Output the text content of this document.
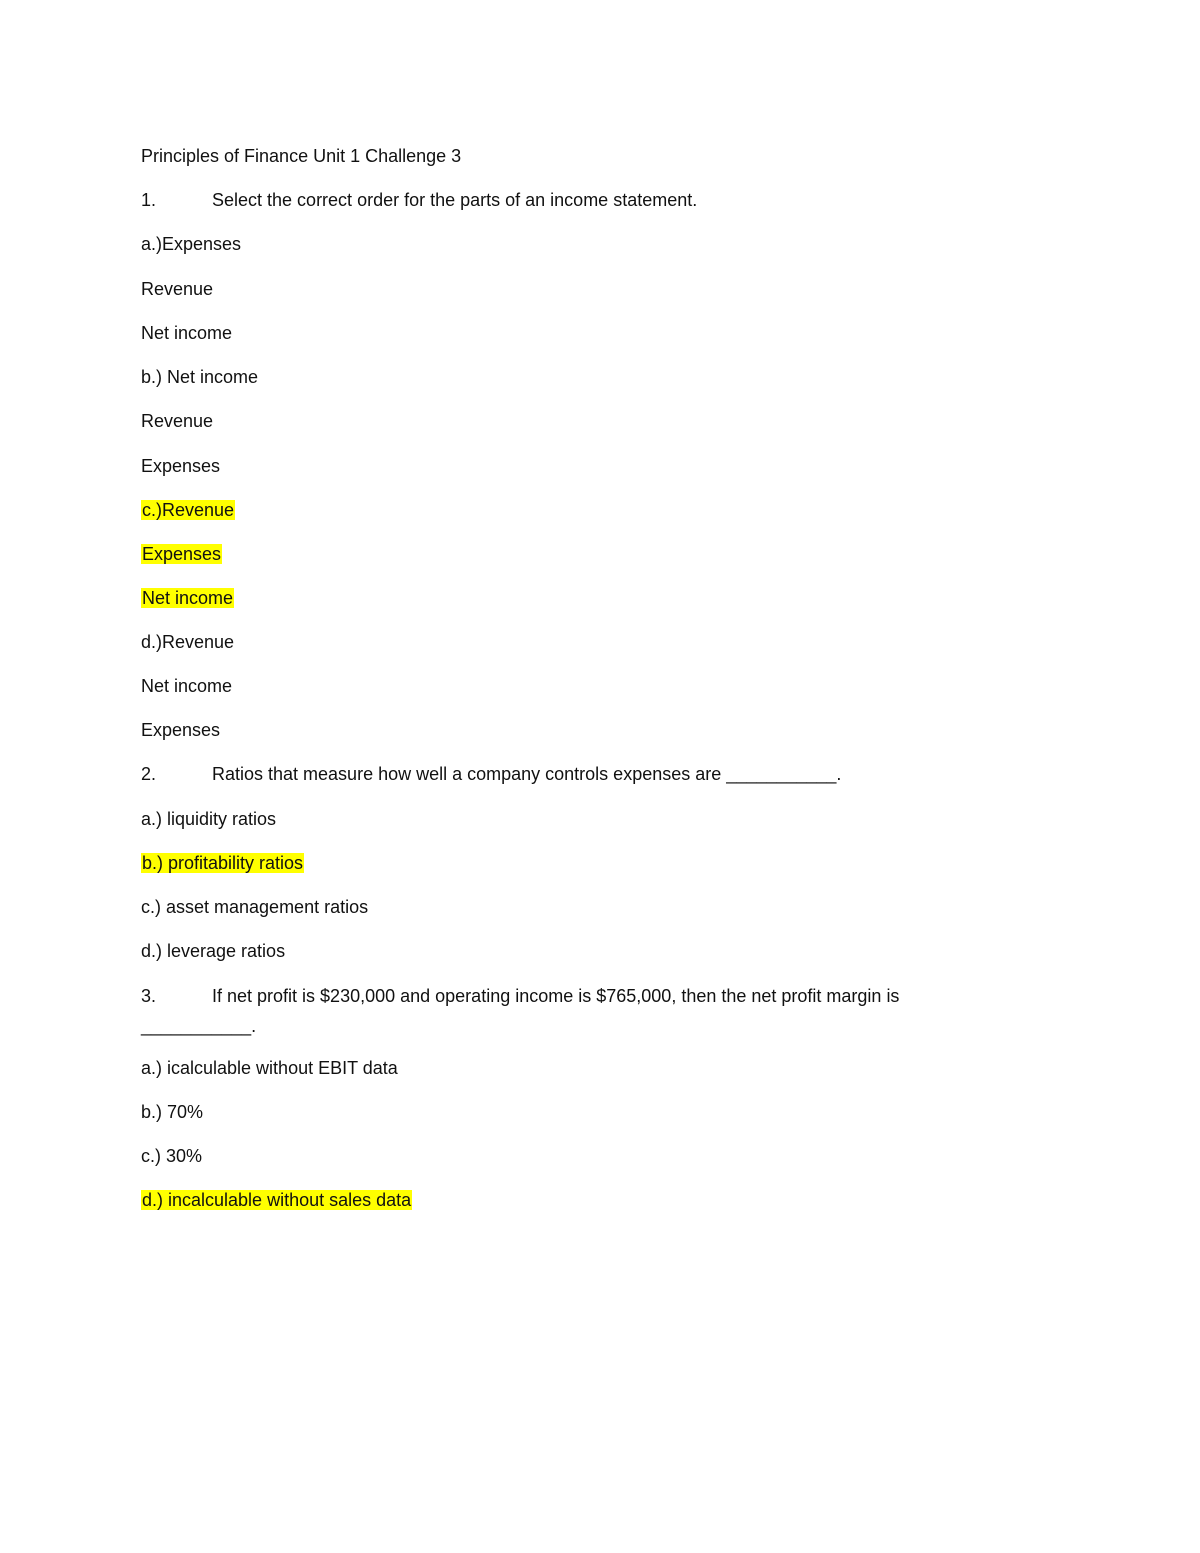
Principles of Finance Unit 1 Challenge 3
1.	Select the correct order for the parts of an income statement.
a.)Expenses
Revenue
Net income
b.) Net income
Revenue
Expenses
c.)Revenue
Expenses
Net income
d.)Revenue
Net income
Expenses
2.	Ratios that measure how well a company controls expenses are ___________.
a.) liquidity ratios
b.) profitability ratios
c.) asset management ratios
d.) leverage ratios
3.	If net profit is $230,000 and operating income is $765,000, then the net profit margin is
___________.
a.) icalculable without EBIT data
b.) 70%
c.) 30%
d.) incalculable without sales data
